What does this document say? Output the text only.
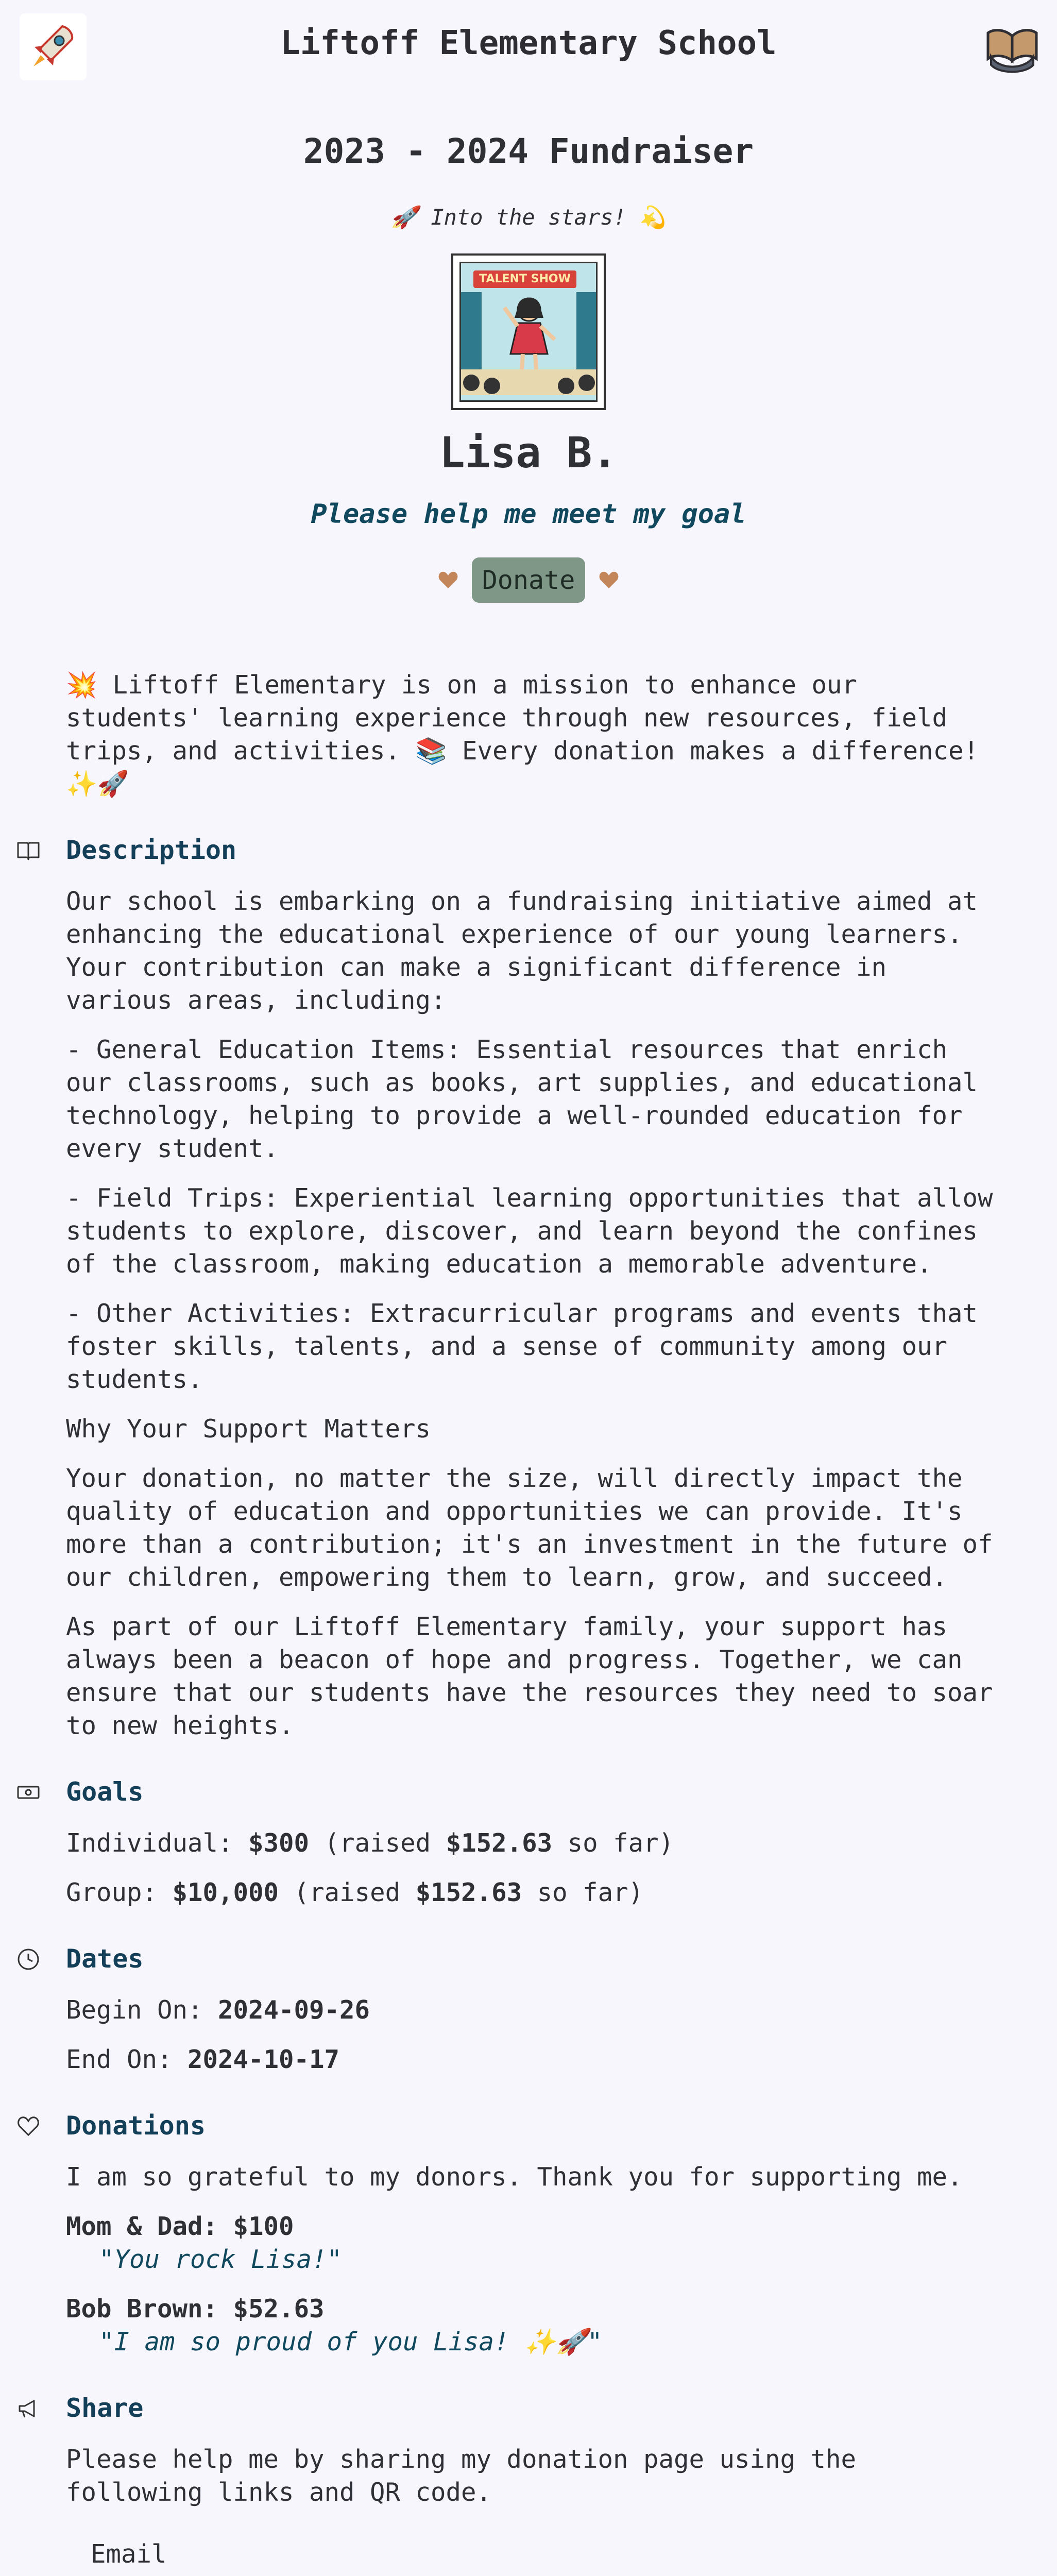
Liftoff Elementary School
2023 - 2024 Fundraiser
🚀 Into the stars! 💫
TALENT SHOW
Lisa B.
Please help me meet my goal
Donate
💥 Liftoff Elementary is on a mission to enhance our students' learning experience through new resources, field trips, and activities. 📚 Every donation makes a difference! ✨🚀
Description

Our school is embarking on a fundraising initiative aimed at enhancing the educational experience of our young learners. Your contribution can make a significant difference in various areas, including:

- General Education Items: Essential resources that enrich our classrooms, such as books, art supplies, and educational technology, helping to provide a well-rounded education for every student.

- Field Trips: Experiential learning opportunities that allow students to explore, discover, and learn beyond the confines of the classroom, making education a memorable adventure.

- Other Activities: Extracurricular programs and events that foster skills, talents, and a sense of community among our students.

Why Your Support Matters

Your donation, no matter the size, will directly impact the quality of education and opportunities we can provide. It's more than a contribution; it's an investment in the future of our children, empowering them to learn, grow, and succeed.

As part of our Liftoff Elementary family, your support has always been a beacon of hope and progress. Together, we can ensure that our students have the resources they need to soar to new heights.

Goals

Individual: $300 (raised $152.63 so far)

Group: $10,000 (raised $152.63 so far)

Dates

Begin On: 2024-09-26

End On: 2024-10-17

Donations

I am so grateful to my donors. Thank you for supporting me.

Mom & Dad: $100
"You rock Lisa!"

Bob Brown: $52.63
"I am so proud of you Lisa! ✨🚀"

Share

Please help me by sharing my donation page using the following links and QR code.

Email
